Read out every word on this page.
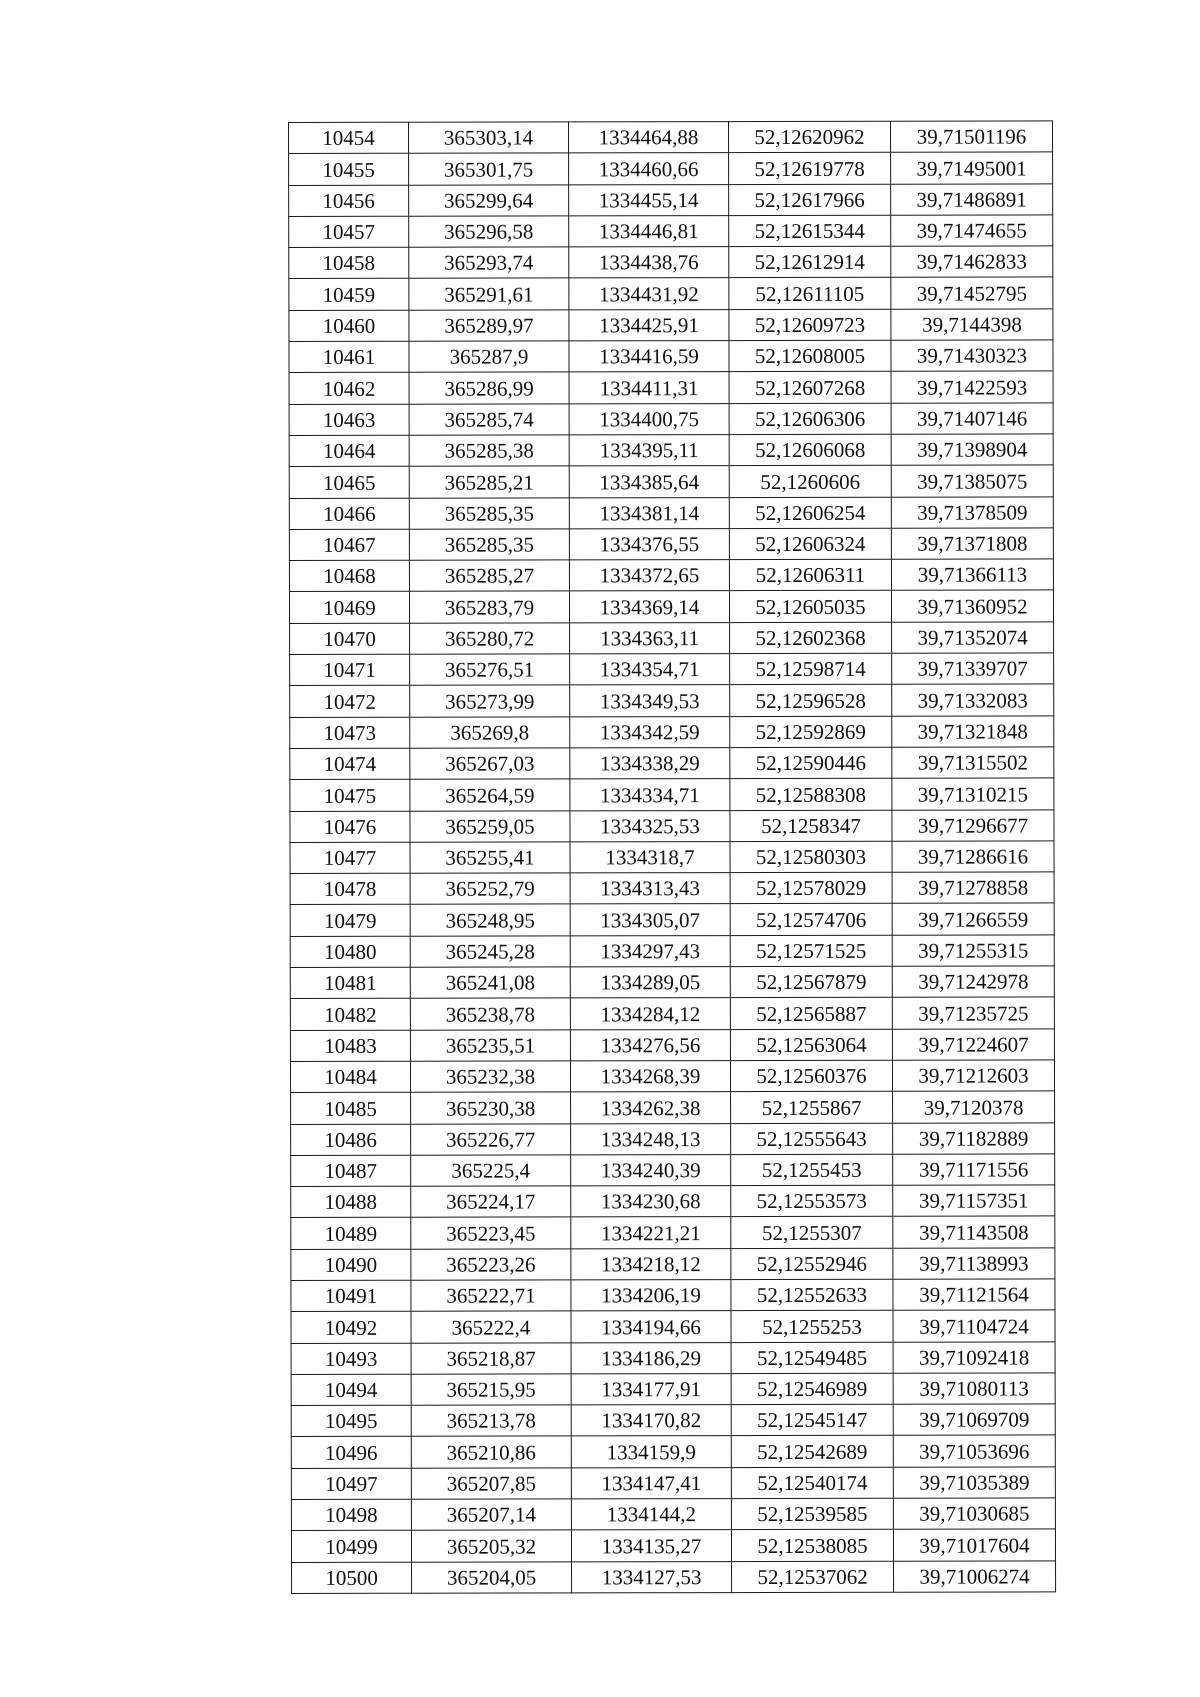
10454	365303,14	1334464,88	52,12620962	39,71501196
10455	365301,75	1334460,66	52,12619778	39,71495001
10456	365299,64	1334455,14	52,12617966	39,71486891
10457	365296,58	1334446,81	52,12615344	39,71474655
10458	365293,74	1334438,76	52,12612914	39,71462833
10459	365291,61	1334431,92	52,12611105	39,71452795
10460	365289,97	1334425,91	52,12609723	39,7144398
10461	365287,9	1334416,59	52,12608005	39,71430323
10462	365286,99	1334411,31	52,12607268	39,71422593
10463	365285,74	1334400,75	52,12606306	39,71407146
10464	365285,38	1334395,11	52,12606068	39,71398904
10465	365285,21	1334385,64	52,1260606	39,71385075
10466	365285,35	1334381,14	52,12606254	39,71378509
10467	365285,35	1334376,55	52,12606324	39,71371808
10468	365285,27	1334372,65	52,12606311	39,71366113
10469	365283,79	1334369,14	52,12605035	39,71360952
10470	365280,72	1334363,11	52,12602368	39,71352074
10471	365276,51	1334354,71	52,12598714	39,71339707
10472	365273,99	1334349,53	52,12596528	39,71332083
10473	365269,8	1334342,59	52,12592869	39,71321848
10474	365267,03	1334338,29	52,12590446	39,71315502
10475	365264,59	1334334,71	52,12588308	39,71310215
10476	365259,05	1334325,53	52,1258347	39,71296677
10477	365255,41	1334318,7	52,12580303	39,71286616
10478	365252,79	1334313,43	52,12578029	39,71278858
10479	365248,95	1334305,07	52,12574706	39,71266559
10480	365245,28	1334297,43	52,12571525	39,71255315
10481	365241,08	1334289,05	52,12567879	39,71242978
10482	365238,78	1334284,12	52,12565887	39,71235725
10483	365235,51	1334276,56	52,12563064	39,71224607
10484	365232,38	1334268,39	52,12560376	39,71212603
10485	365230,38	1334262,38	52,1255867	39,7120378
10486	365226,77	1334248,13	52,12555643	39,71182889
10487	365225,4	1334240,39	52,1255453	39,71171556
10488	365224,17	1334230,68	52,12553573	39,71157351
10489	365223,45	1334221,21	52,1255307	39,71143508
10490	365223,26	1334218,12	52,12552946	39,71138993
10491	365222,71	1334206,19	52,12552633	39,71121564
10492	365222,4	1334194,66	52,1255253	39,71104724
10493	365218,87	1334186,29	52,12549485	39,71092418
10494	365215,95	1334177,91	52,12546989	39,71080113
10495	365213,78	1334170,82	52,12545147	39,71069709
10496	365210,86	1334159,9	52,12542689	39,71053696
10497	365207,85	1334147,41	52,12540174	39,71035389
10498	365207,14	1334144,2	52,12539585	39,71030685
10499	365205,32	1334135,27	52,12538085	39,71017604
10500	365204,05	1334127,53	52,12537062	39,71006274
